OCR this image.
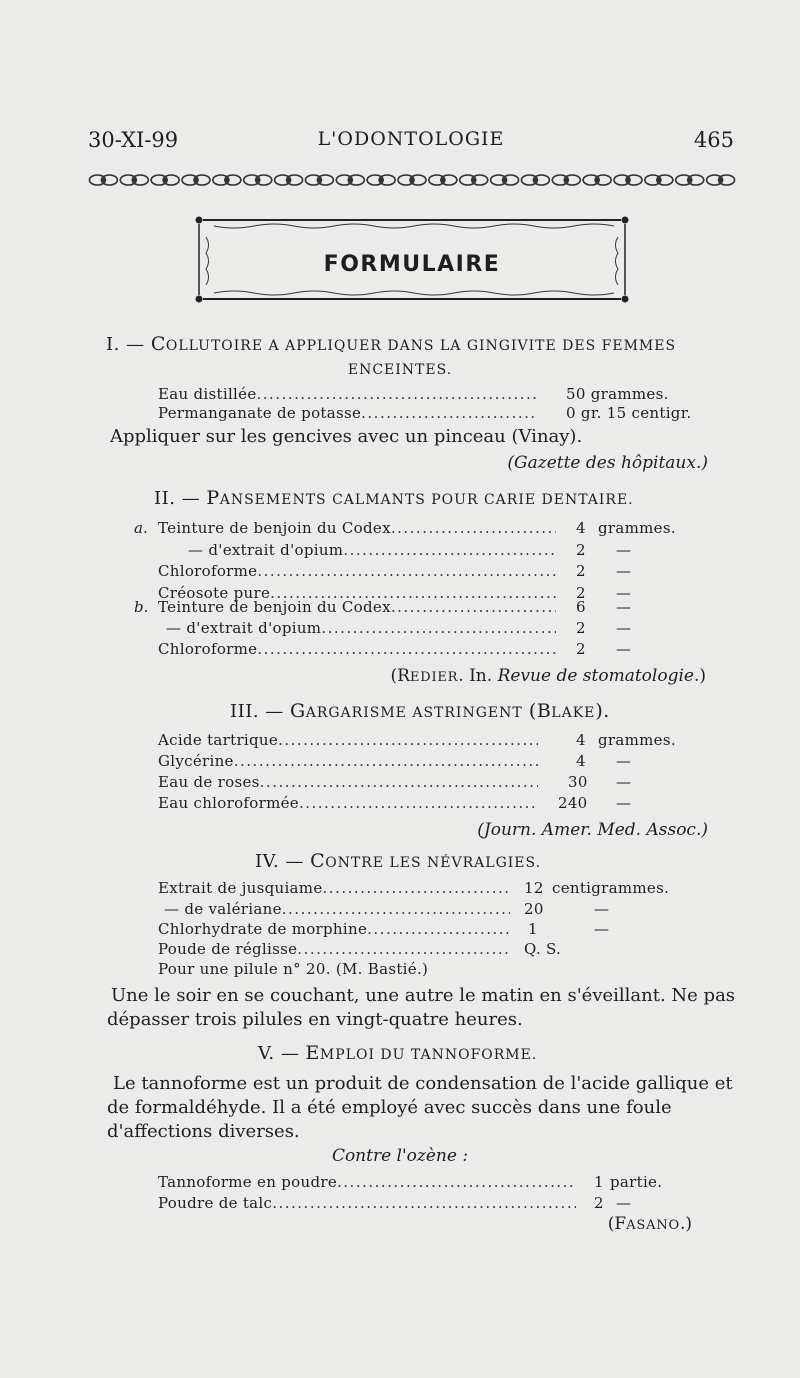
30-XI-99	L'ODONTOLOGIE	465
FORMULAIRE
I. — COLLUTOIRE A APPLIQUER DANS LA GINGIVITE DES FEMMES
ENCEINTES.
Eau distillée .....	50 grammes.
Permanganate de potasse .....	0 gr. 15 centigr.
Appliquer sur les gencives avec un pinceau (Vinay).
(Gazette des hôpitaux.)
II. — PANSEMENTS CALMANTS POUR CARIE DENTAIRE.
a. Teinture de benjoin du Codex .....	4 grammes.
— d'extrait d'opium .....	2 —
Chloroforme .....	2 —
Créosote pure .....	2 —
b. Teinture de benjoin du Codex .....	6 —
— d'extrait d'opium .....	2 —
Chloroforme .....	2 —
(REDIER. In. Revue de stomatologie.)
III. — GARGARISME ASTRINGENT (BLAKE).
Acide tartrique .....	4 grammes.
Glycérine .....	4 —
Eau de roses .....	30 —
Eau chloroformée .....	240 —
(Journ. Amer. Med. Assoc.)
IV. — CONTRE LES NÉVRALGIES.
Extrait de jusquiame .....	12 centigrammes.
— de valériane .....	20	—
Chlorhydrate de morphine .....	1	—
Poude de réglisse .....	Q. S.
Pour une pilule n° 20. (M. Bastié.)
Une le soir en se couchant, une autre le matin en s'éveillant. Ne pas dépasser trois pilules en vingt-quatre heures.
V. — EMPLOI DU TANNOFORME.
Le tannoforme est un produit de condensation de l'acide gallique et de formaldéhyde. Il a été employé avec succès dans une foule d'affections diverses.
Contre l'ozène :
Tannoforme en poudre .....	1 partie.
Poudre de talc .....	2 —
(FASANO.)
